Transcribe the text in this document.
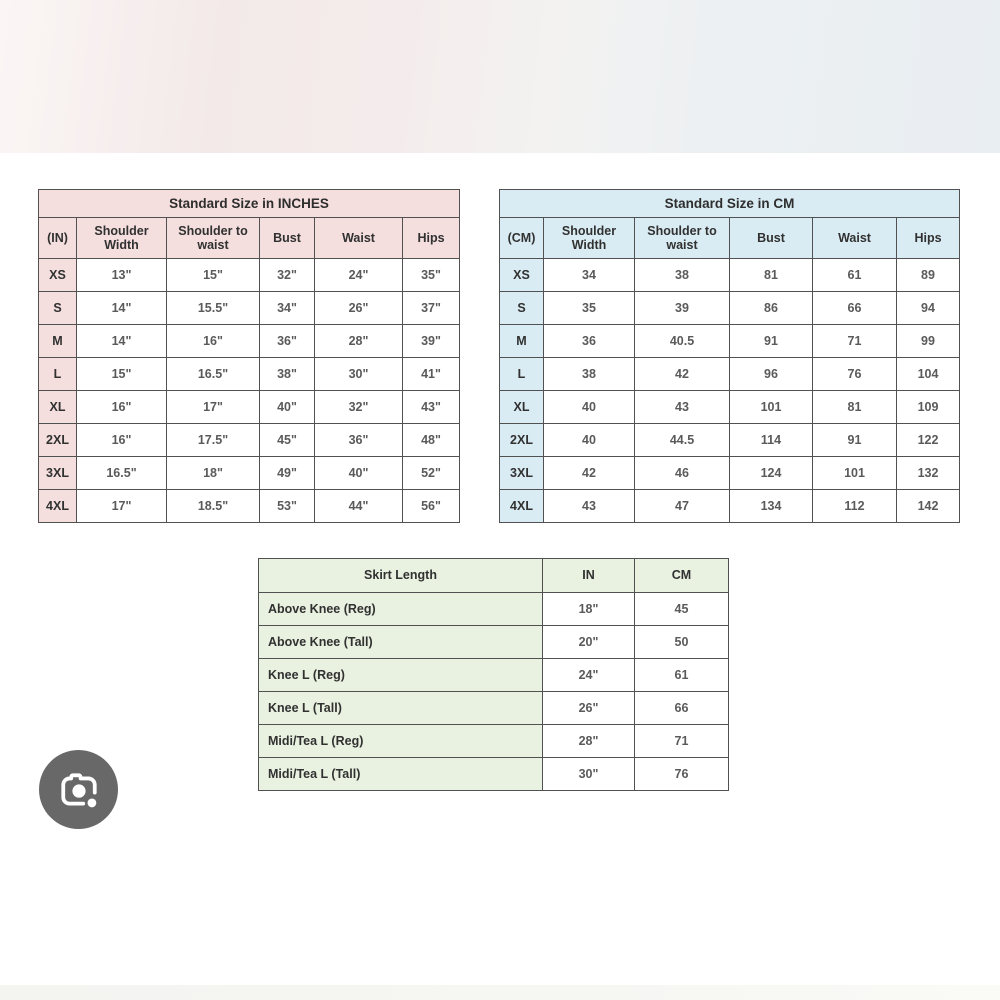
Standard Size in INCHES					
(IN)	Shoulder Width	Shoulder to waist	Bust	Waist	Hips
XS	13"	15"	32"	24"	35"
S	14"	15.5"	34"	26"	37"
M	14"	16"	36"	28"	39"
L	15"	16.5"	38"	30"	41"
XL	16"	17"	40"	32"	43"
2XL	16"	17.5"	45"	36"	48"
3XL	16.5"	18"	49"	40"	52"
4XL	17"	18.5"	53"	44"	56"
Standard Size in CM					
(CM)	Shoulder Width	Shoulder to waist	Bust	Waist	Hips
XS	34	38	81	61	89
S	35	39	86	66	94
M	36	40.5	91	71	99
L	38	42	96	76	104
XL	40	43	101	81	109
2XL	40	44.5	114	91	122
3XL	42	46	124	101	132
4XL	43	47	134	112	142
Skirt Length	IN	CM
Above Knee (Reg)	18"	45
Above Knee (Tall)	20"	50
Knee L (Reg)	24"	61
Knee L (Tall)	26"	66
Midi/Tea L (Reg)	28"	71
Midi/Tea L (Tall)	30"	76
